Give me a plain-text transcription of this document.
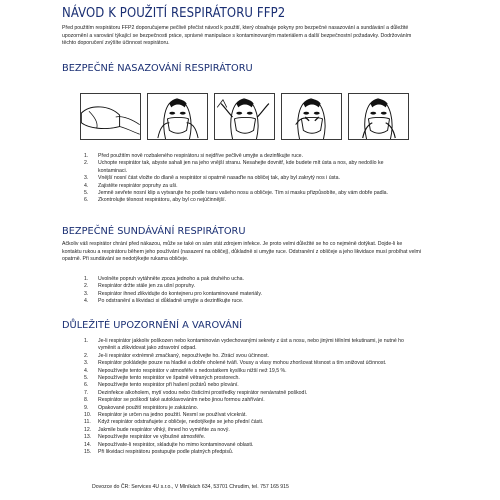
NÁVOD K POUŽITÍ RESPIRÁTORU FFP2
Před použitím respirátoru FFP2 doporučujeme pečlivě přečíst návod k použití, který obsahuje pokyny pro bezpečné nasazování a sundávání a důležité upozornění a varování týkající se bezpečnosti práce, správné manipulace s kontaminovaným materiálem a další bezpečnostní požadavky. Dodržováním těchto doporučení zvýšíte účinnost respirátoru.
BEZPEČNÉ NASAZOVÁNÍ RESPIRÁTORU
1. Před použitím nově rozbaleného respirátoru si nejdříve pečlivě umyjte a dezinfikujte ruce.
2. Uchopte respirátor tak, abyste sahali jen na jeho vnější stranu. Nesahejte dovnitř, kde budete mít ústa a nos, aby nedošlo ke kontaminaci.
3. Vnější nosní část vložte do dlaně a respirátor si opatrně nasaďte na obličej tak, aby byl zakrytý nos i ústa.
4. Zajistěte respirátor popruhy za uši.
5. Jemně sevřete nosní klip a vytvarujte ho podle tvaru vašeho nosu a obličeje. Tím si masku přizpůsobíte, aby vám dobře padla.
6. Zkontrolujte těsnost respirátoru, aby byl co nejúčinnější.
BEZPEČNÉ SUNDÁVÁNÍ RESPIRÁTORU
Ačkoliv váš respirátor chrání před nákazou, může se také on sám stát zdrojem infekce. Je proto velmi důležité se ho co nejméně dotýkat. Dojde-li ke kontaktu rukou a respirátoru během jeho používání (nasazení na obličej), důkladně si umyjte ruce. Odstranění z obličeje a jeho likvidace musí probíhat velmi opatrně. Při sundávání se nedotýkejte rukama obličeje.
1. Uvolněte popruh vytáhněte zpoza jednoho a pak druhého ucha.
2. Respirátor držte stále jen za ušní popruhy.
3. Respirátor ihned zlikvidujte do kontejneru pro kontaminované materiály.
4. Po odstranění a likvidaci si důkladně umyjte a dezinfikujte ruce.
DŮLEŽITÉ UPOZORNĚNÍ A VAROVÁNÍ
1. Je-li respirátor jakkoliv poškozen nebo kontaminován vydechovanými sekrety z úst a nosu, nebo jinými tělními tekutinami, je nutné ho vyměnit a zlikvidovat jako zdravotní odpad.
2. Je-li respirátor extrémně zmačkaný, nepoužívejte ho. Ztrácí svou účinnost.
3. Respirátor pokládejte pouze na hladké a dobře oholené tváři. Vousy a vlasy mohou zhoršovat těsnost a tím snižovat účinnost.
4. Nepoužívejte tento respirátor v atmosféře s nedostatkem kyslíku nižší než 19,5 %.
5. Nepoužívejte tento respirátor ve špatně větraných prostorech.
6. Nepoužívejte tento respirátor při hašení požárů nebo plování.
7. Dezinfekce alkoholem, mytí vodou nebo čisticími prostředky respirátor nenávratně poškodí.
8. Respirátor se poškodí také autoklavováním nebo jinou formou zahřívání.
9. Opakované použití respirátoru je zakázáno.
10. Respirátor je určen na jedno použití. Nesmí se používat vícekrát.
11. Když respirátor odstraňujete z obličeje, nedotýkejte se jeho přední části.
12. Jakmile bude respirátor vlhký, ihned ho vyměňte za nový.
13. Nepoužívejte respirátor ve výbušné atmosféře.
14. Nepoužívate-li respirátor, skladujte ho mimo kontaminované oblasti.
15. Při likvidaci respirátoru postupujte podle platných předpisů.
Dovozce do ČR: Services 4U s.r.o., V Mlníkách 634, 53701 Chrudim, tel. 757 165 915
